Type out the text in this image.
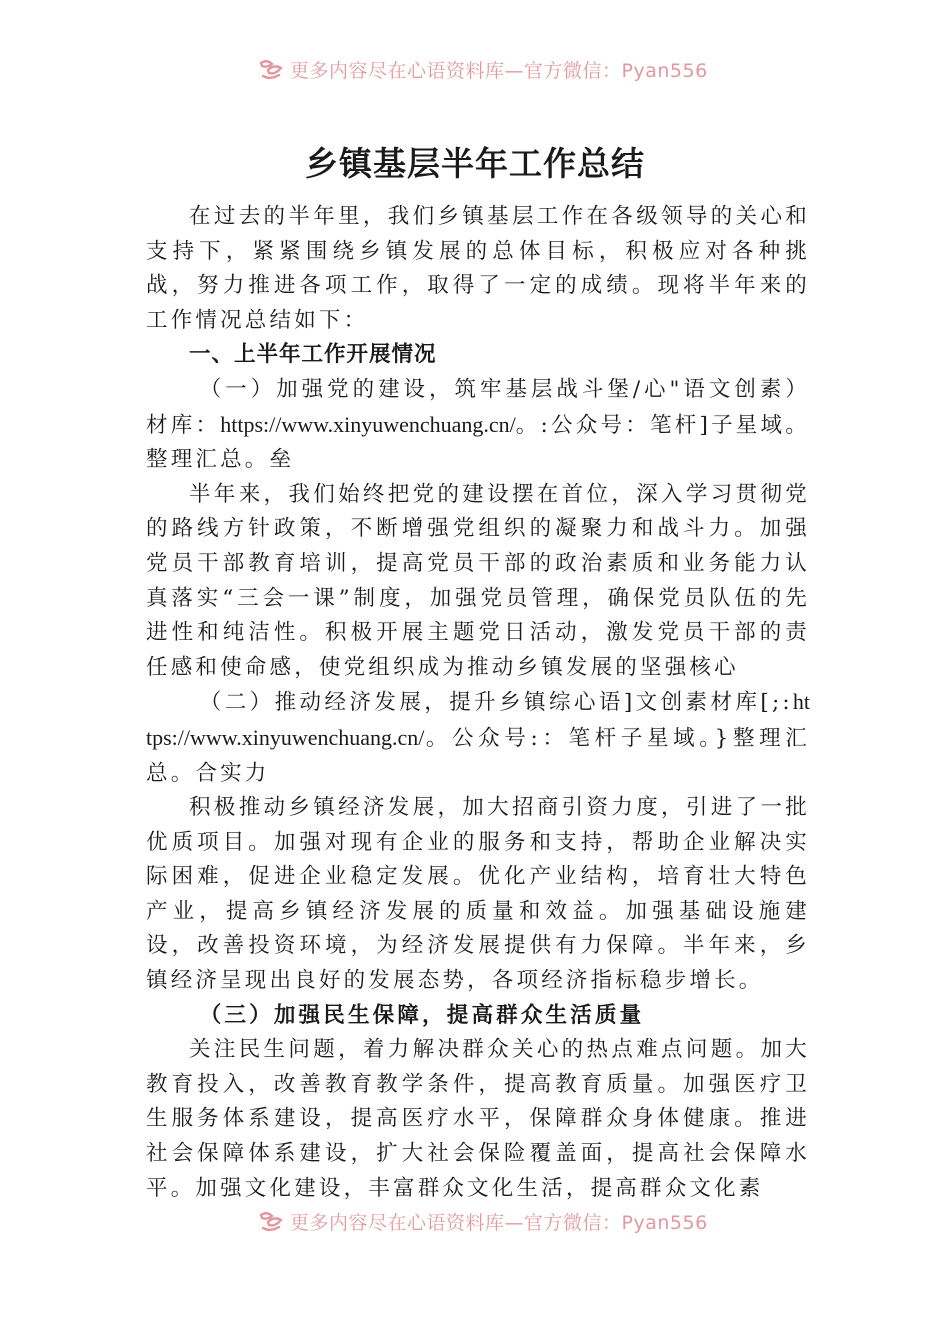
更多内容尽在心语资料库—官方微信：Pyan556
乡镇基层半年工作总结

在过去的半年里，我们乡镇基层工作在各级领导的关心和支持下，紧紧围绕乡镇发展的总体目标，积极应对各种挑战，努力推进各项工作，取得了一定的成绩。现将半年来的工作情况总结如下：

一、上半年工作开展情况

（一）加强党的建设，筑牢基层战斗堡/心"语文创素）材库：https://www.xinyuwenchuang.cn/。:公众号：笔杆]子星域。整理汇总。垒

半年来，我们始终把党的建设摆在首位，深入学习贯彻党的路线方针政策，不断增强党组织的凝聚力和战斗力。加强党员干部教育培训，提高党员干部的政治素质和业务能力认真落实“三会一课”制度，加强党员管理，确保党员队伍的先进性和纯洁性。积极开展主题党日活动，激发党员干部的责任感和使命感，使党组织成为推动乡镇发展的坚强核心

（二）推动经济发展，提升乡镇综心语]文创素材库[;:https://www.xinyuwenchuang.cn/。公众号:：笔杆子星域。}整理汇总。合实力

积极推动乡镇经济发展，加大招商引资力度，引进了一批优质项目。加强对现有企业的服务和支持，帮助企业解决实际困难，促进企业稳定发展。优化产业结构，培育壮大特色产业，提高乡镇经济发展的质量和效益。加强基础设施建设，改善投资环境，为经济发展提供有力保障。半年来，乡镇经济呈现出良好的发展态势，各项经济指标稳步增长。

（三）加强民生保障，提高群众生活质量

关注民生问题，着力解决群众关心的热点难点问题。加大教育投入，改善教育教学条件，提高教育质量。加强医疗卫生服务体系建设，提高医疗水平，保障群众身体健康。推进社会保障体系建设，扩大社会保险覆盖面，提高社会保障水平。加强文化建设，丰富群众文化生活，提高群众文化素

更多内容尽在心语资料库—官方微信：Pyan556
